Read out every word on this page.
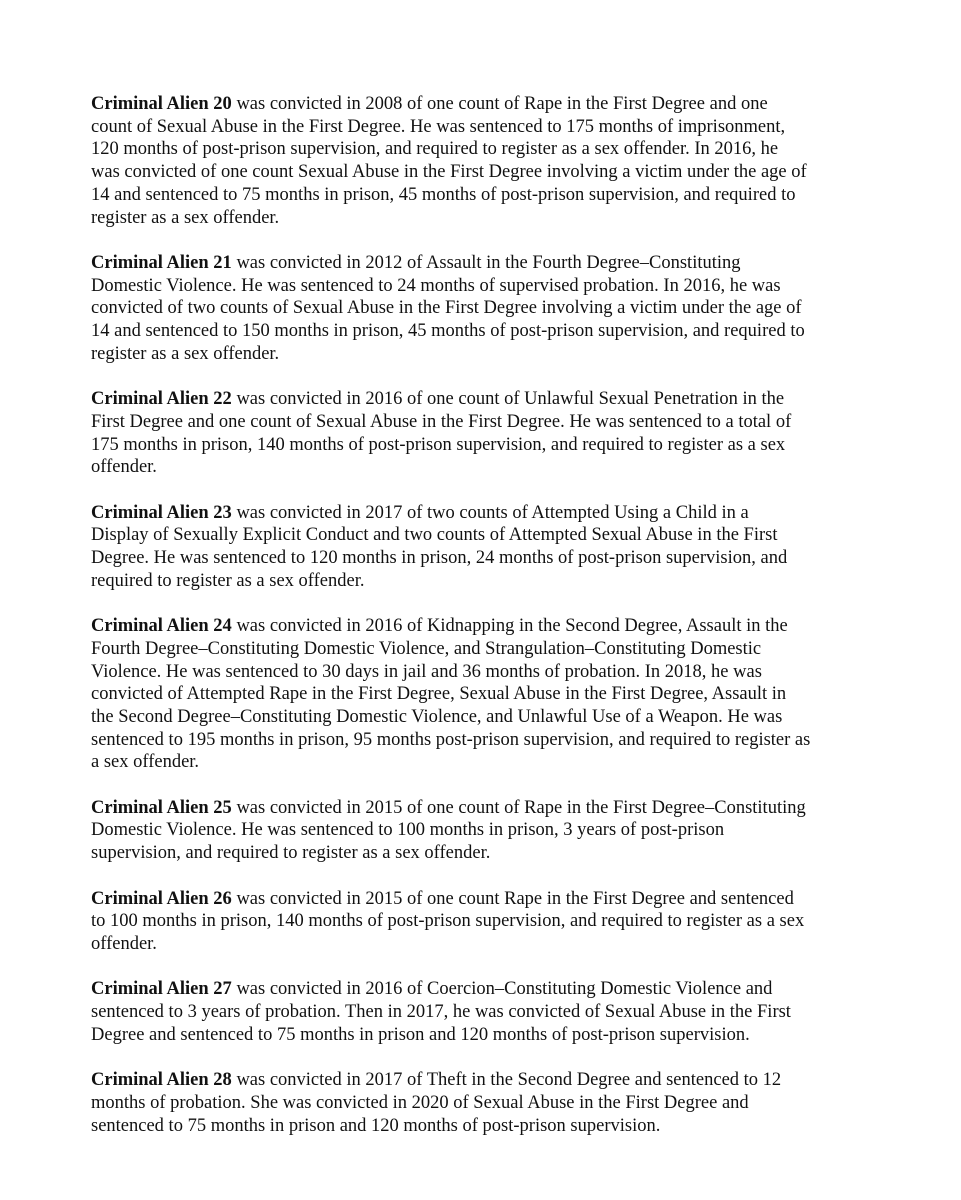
Criminal Alien 20 was convicted in 2008 of one count of Rape in the First Degree and one
count of Sexual Abuse in the First Degree. He was sentenced to 175 months of imprisonment,
120 months of post-prison supervision, and required to register as a sex offender. In 2016, he
was convicted of one count Sexual Abuse in the First Degree involving a victim under the age of
14 and sentenced to 75 months in prison, 45 months of post-prison supervision, and required to
register as a sex offender.

Criminal Alien 21 was convicted in 2012 of Assault in the Fourth Degree–Constituting
Domestic Violence. He was sentenced to 24 months of supervised probation. In 2016, he was
convicted of two counts of Sexual Abuse in the First Degree involving a victim under the age of
14 and sentenced to 150 months in prison, 45 months of post-prison supervision, and required to
register as a sex offender.

Criminal Alien 22 was convicted in 2016 of one count of Unlawful Sexual Penetration in the
First Degree and one count of Sexual Abuse in the First Degree. He was sentenced to a total of
175 months in prison, 140 months of post-prison supervision, and required to register as a sex
offender.

Criminal Alien 23 was convicted in 2017 of two counts of Attempted Using a Child in a
Display of Sexually Explicit Conduct and two counts of Attempted Sexual Abuse in the First
Degree. He was sentenced to 120 months in prison, 24 months of post-prison supervision, and
required to register as a sex offender.

Criminal Alien 24 was convicted in 2016 of Kidnapping in the Second Degree, Assault in the
Fourth Degree–Constituting Domestic Violence, and Strangulation–Constituting Domestic
Violence. He was sentenced to 30 days in jail and 36 months of probation. In 2018, he was
convicted of Attempted Rape in the First Degree, Sexual Abuse in the First Degree, Assault in
the Second Degree–Constituting Domestic Violence, and Unlawful Use of a Weapon. He was
sentenced to 195 months in prison, 95 months post-prison supervision, and required to register as
a sex offender.

Criminal Alien 25 was convicted in 2015 of one count of Rape in the First Degree–Constituting
Domestic Violence. He was sentenced to 100 months in prison, 3 years of post-prison
supervision, and required to register as a sex offender.

Criminal Alien 26 was convicted in 2015 of one count Rape in the First Degree and sentenced
to 100 months in prison, 140 months of post-prison supervision, and required to register as a sex
offender.

Criminal Alien 27 was convicted in 2016 of Coercion–Constituting Domestic Violence and
sentenced to 3 years of probation. Then in 2017, he was convicted of Sexual Abuse in the First
Degree and sentenced to 75 months in prison and 120 months of post-prison supervision.

Criminal Alien 28 was convicted in 2017 of Theft in the Second Degree and sentenced to 12
months of probation. She was convicted in 2020 of Sexual Abuse in the First Degree and
sentenced to 75 months in prison and 120 months of post-prison supervision.
